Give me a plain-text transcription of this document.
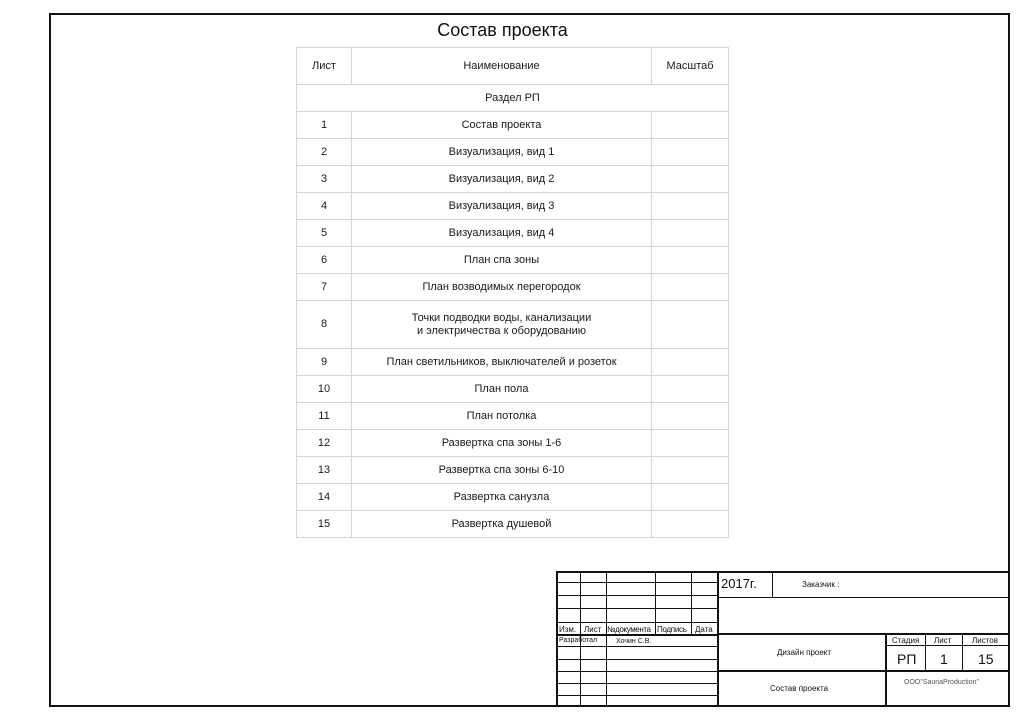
Состав проекта
Лист	Наименование	Масштаб
Раздел РП		
1	Состав проекта	
2	Визуализация, вид 1	
3	Визуализация, вид 2	
4	Визуализация, вид 3	
5	Визуализация, вид 4	
6	План спа зоны	
7	План возводимых перегородок	
8	Точки подводки воды, канализации
и электричества к оборудованию	

9	План светильников, выключателей и розеток	
10	План пола	
11	План потолка	
12	Развертка спа зоны 1-6	
13	Развертка спа зоны 6-10	
14	Развертка санузла	
15	Развертка душевой	
2017г.	Заказчик :
Изм. Лист №документа Подпись Дата
Разработал	Хочин С.В.
Дизайн проект
Стадия Лист	Листов
РП 1 15
Состав проекта
ООО"SaunaProduction"
